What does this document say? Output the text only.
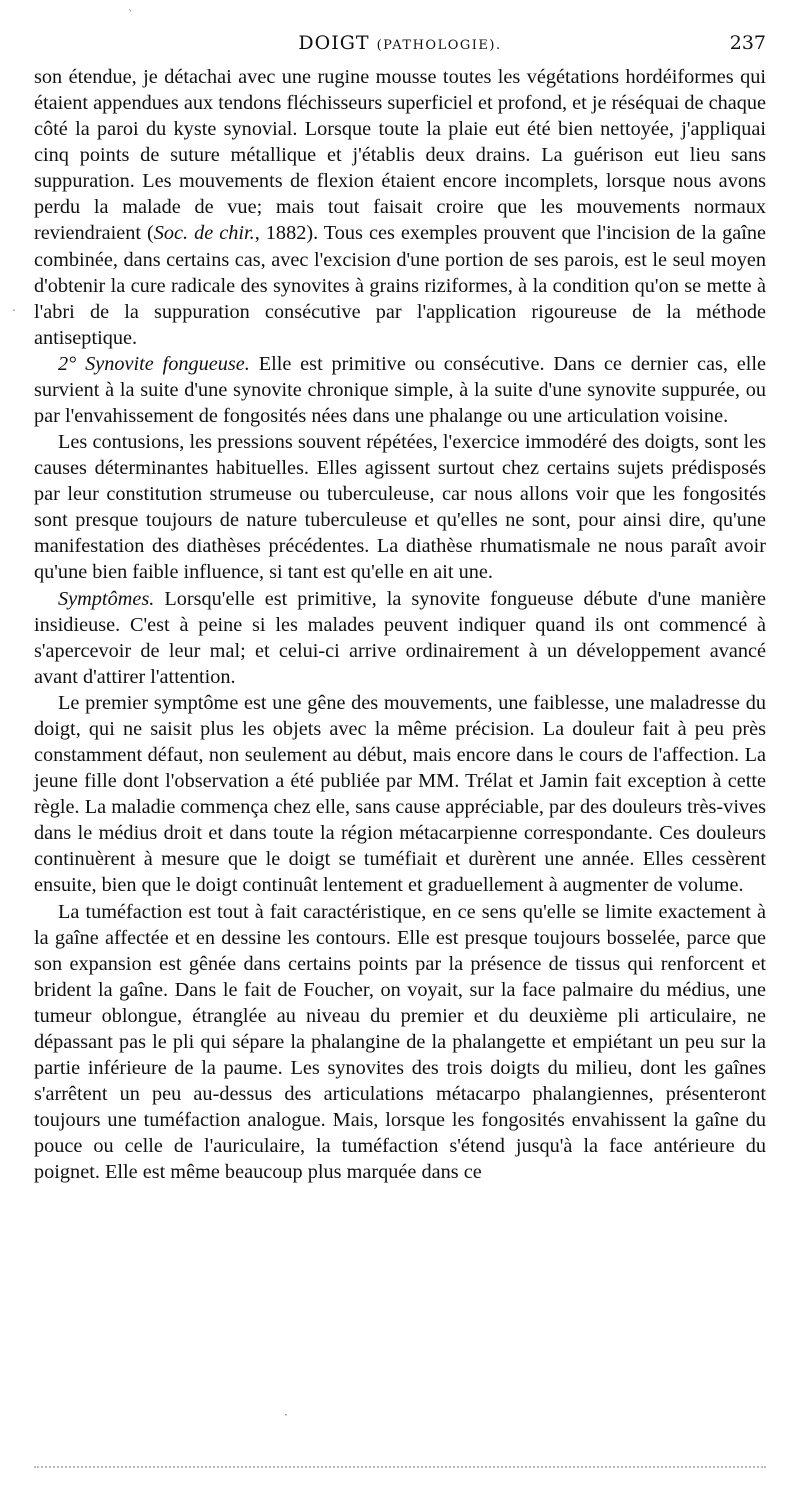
`
.
·
DOIGT (PATHOLOGIE).	237

son étendue, je détachai avec une rugine mousse toutes les végétations hordéiformes qui étaient appendues aux tendons fléchisseurs superficiel et profond, et je réséquai de chaque côté la paroi du kyste synovial. Lorsque toute la plaie eut été bien nettoyée, j'appliquai cinq points de suture métallique et j'établis deux drains. La guérison eut lieu sans suppuration. Les mouvements de flexion étaient encore incomplets, lorsque nous avons perdu la malade de vue; mais tout faisait croire que les mouvements normaux reviendraient (Soc. de chir., 1882). Tous ces exemples prouvent que l'incision de la gaîne combinée, dans certains cas, avec l'excision d'une portion de ses parois, est le seul moyen d'obtenir la cure radicale des synovites à grains riziformes, à la condition qu'on se mette à l'abri de la suppuration consécutive par l'application rigoureuse de la méthode antiseptique.

2° Synovite fongueuse. Elle est primitive ou consécutive. Dans ce dernier cas, elle survient à la suite d'une synovite chronique simple, à la suite d'une synovite suppurée, ou par l'envahissement de fongosités nées dans une phalange ou une articulation voisine.

Les contusions, les pressions souvent répétées, l'exercice immodéré des doigts, sont les causes déterminantes habituelles. Elles agissent surtout chez certains sujets prédisposés par leur constitution strumeuse ou tuberculeuse, car nous allons voir que les fongosités sont presque toujours de nature tuberculeuse et qu'elles ne sont, pour ainsi dire, qu'une manifestation des diathèses précédentes. La diathèse rhumatismale ne nous paraît avoir qu'une bien faible influence, si tant est qu'elle en ait une.

Symptômes. Lorsqu'elle est primitive, la synovite fongueuse débute d'une manière insidieuse. C'est à peine si les malades peuvent indiquer quand ils ont commencé à s'apercevoir de leur mal; et celui-ci arrive ordinairement à un développement avancé avant d'attirer l'attention.

Le premier symptôme est une gêne des mouvements, une faiblesse, une maladresse du doigt, qui ne saisit plus les objets avec la même précision. La douleur fait à peu près constamment défaut, non seulement au début, mais encore dans le cours de l'affection. La jeune fille dont l'observation a été publiée par MM. Trélat et Jamin fait exception à cette règle. La maladie commença chez elle, sans cause appréciable, par des douleurs très-vives dans le médius droit et dans toute la région métacarpienne correspondante. Ces douleurs continuèrent à mesure que le doigt se tuméfiait et durèrent une année. Elles cessèrent ensuite, bien que le doigt continuât lentement et graduellement à augmenter de volume.

La tuméfaction est tout à fait caractéristique, en ce sens qu'elle se limite exactement à la gaîne affectée et en dessine les contours. Elle est presque toujours bosselée, parce que son expansion est gênée dans certains points par la présence de tissus qui renforcent et brident la gaîne. Dans le fait de Foucher, on voyait, sur la face palmaire du médius, une tumeur oblongue, étranglée au niveau du premier et du deuxième pli articulaire, ne dépassant pas le pli qui sépare la phalangine de la phalangette et empiétant un peu sur la partie inférieure de la paume. Les synovites des trois doigts du milieu, dont les gaînes s'arrêtent un peu au-dessus des articulations métacarpo phalangiennes, présenteront toujours une tuméfaction analogue. Mais, lorsque les fongosités envahissent la gaîne du pouce ou celle de l'auriculaire, la tuméfaction s'étend jusqu'à la face antérieure du poignet. Elle est même beaucoup plus marquée dans ce
